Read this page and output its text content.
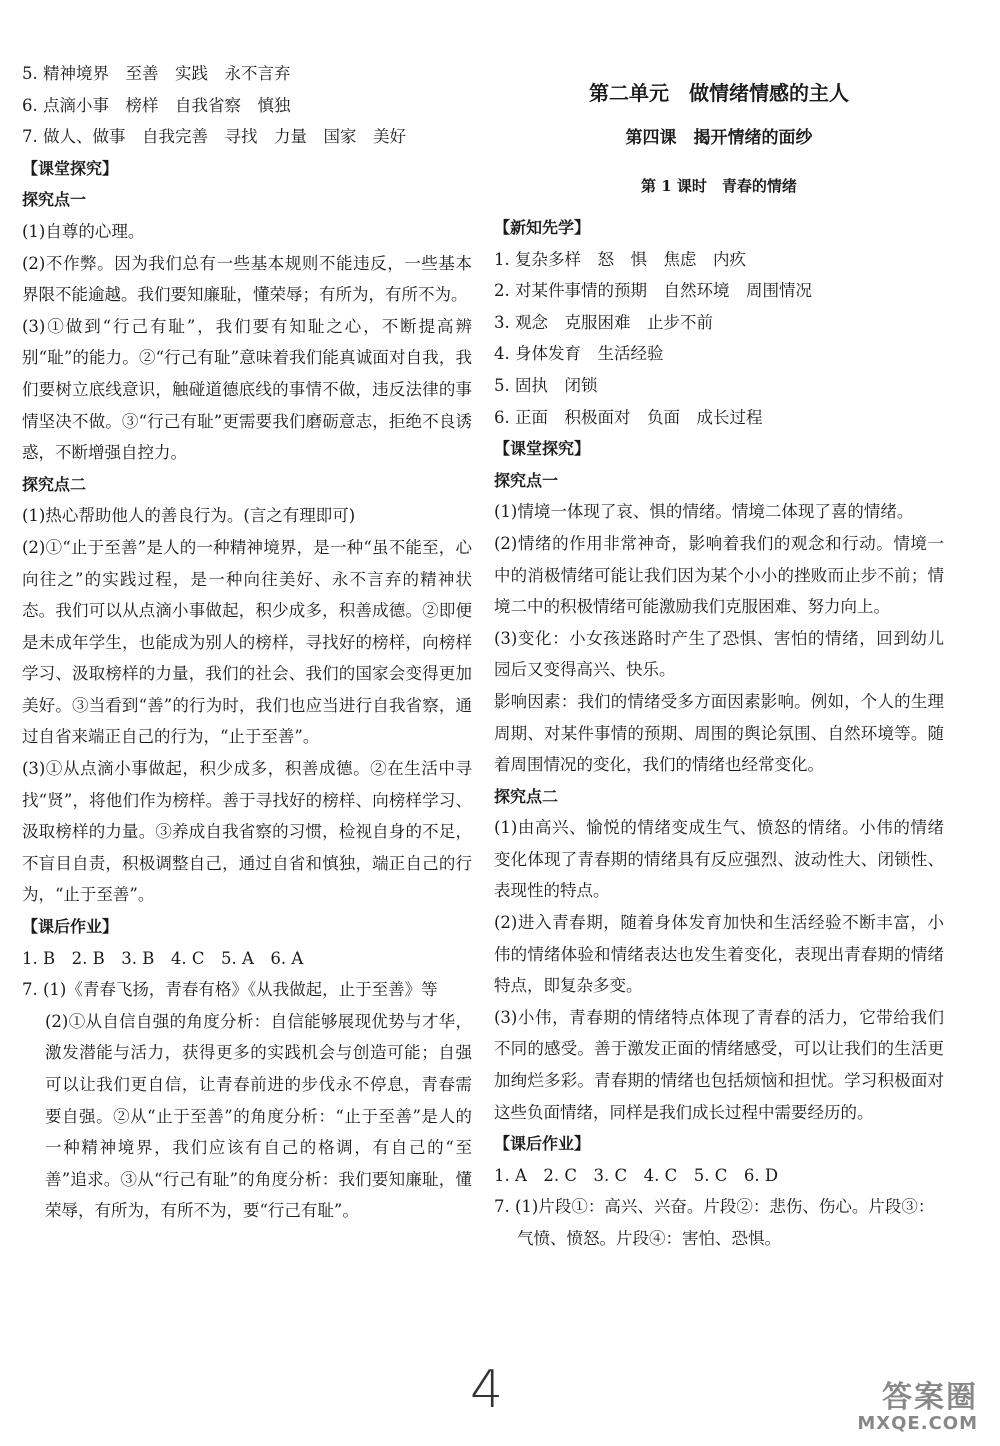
5. 精神境界　至善　实践　永不言弃

6. 点滴小事　榜样　自我省察　慎独

7. 做人、做事　自我完善　寻找　力量　国家　美好

【课堂探究】

探究点一

(1)自尊的心理。

(2)不作弊。因为我们总有一些基本规则不能违反，一些基本界限不能逾越。我们要知廉耻，懂荣辱；有所为，有所不为。

(3)①做到“行己有耻”，我们要有知耻之心，不断提高辨别“耻”的能力。②“行己有耻”意味着我们能真诚面对自我，我们要树立底线意识，触碰道德底线的事情不做，违反法律的事情坚决不做。③“行己有耻”更需要我们磨砺意志，拒绝不良诱惑，不断增强自控力。

探究点二

(1)热心帮助他人的善良行为。(言之有理即可)

(2)①“止于至善”是人的一种精神境界，是一种“虽不能至，心向往之”的实践过程，是一种向往美好、永不言弃的精神状态。我们可以从点滴小事做起，积少成多，积善成德。②即便是未成年学生，也能成为别人的榜样，寻找好的榜样，向榜样学习、汲取榜样的力量，我们的社会、我们的国家会变得更加美好。③当看到“善”的行为时，我们也应当进行自我省察，通过自省来端正自己的行为，“止于至善”。

(3)①从点滴小事做起，积少成多，积善成德。②在生活中寻找“贤”，将他们作为榜样。善于寻找好的榜样、向榜样学习、汲取榜样的力量。③养成自我省察的习惯，检视自身的不足，不盲目自责，积极调整自己，通过自省和慎独，端正自己的行为，“止于至善”。

【课后作业】

1. B　2. B　3. B　4. C　5. A　6. A

7. (1)《青春飞扬，青春有格》《从我做起，止于至善》等

(2)①从自信自强的角度分析：自信能够展现优势与才华，激发潜能与活力，获得更多的实践机会与创造可能；自强可以让我们更自信，让青春前进的步伐永不停息，青春需要自强。②从“止于至善”的角度分析：“止于至善”是人的一种精神境界，我们应该有自己的格调，有自己的“至善”追求。③从“行己有耻”的角度分析：我们要知廉耻，懂荣辱，有所为，有所不为，要“行己有耻”。

第二单元　做情绪情感的主人
第四课　揭开情绪的面纱
第 1 课时　青春的情绪

【新知先学】

1. 复杂多样　怒　惧　焦虑　内疚

2. 对某件事情的预期　自然环境　周围情况

3. 观念　克服困难　止步不前

4. 身体发育　生活经验

5. 固执　闭锁

6. 正面　积极面对　负面　成长过程

【课堂探究】

探究点一

(1)情境一体现了哀、惧的情绪。情境二体现了喜的情绪。

(2)情绪的作用非常神奇，影响着我们的观念和行动。情境一中的消极情绪可能让我们因为某个小小的挫败而止步不前；情境二中的积极情绪可能激励我们克服困难、努力向上。

(3)变化：小女孩迷路时产生了恐惧、害怕的情绪，回到幼儿园后又变得高兴、快乐。

影响因素：我们的情绪受多方面因素影响。例如，个人的生理周期、对某件事情的预期、周围的舆论氛围、自然环境等。随着周围情况的变化，我们的情绪也经常变化。

探究点二

(1)由高兴、愉悦的情绪变成生气、愤怒的情绪。小伟的情绪变化体现了青春期的情绪具有反应强烈、波动性大、闭锁性、表现性的特点。

(2)进入青春期，随着身体发育加快和生活经验不断丰富，小伟的情绪体验和情绪表达也发生着变化，表现出青春期的情绪特点，即复杂多变。

(3)小伟，青春期的情绪特点体现了青春的活力，它带给我们不同的感受。善于激发正面的情绪感受，可以让我们的生活更加绚烂多彩。青春期的情绪也包括烦恼和担忧。学习积极面对这些负面情绪，同样是我们成长过程中需要经历的。

【课后作业】

1. A　2. C　3. C　4. C　5. C　6. D

7. (1)片段①：高兴、兴奋。片段②：悲伤、伤心。片段③：

气愤、愤怒。片段④：害怕、恐惧。

4	答案圈
MXQE.COM
